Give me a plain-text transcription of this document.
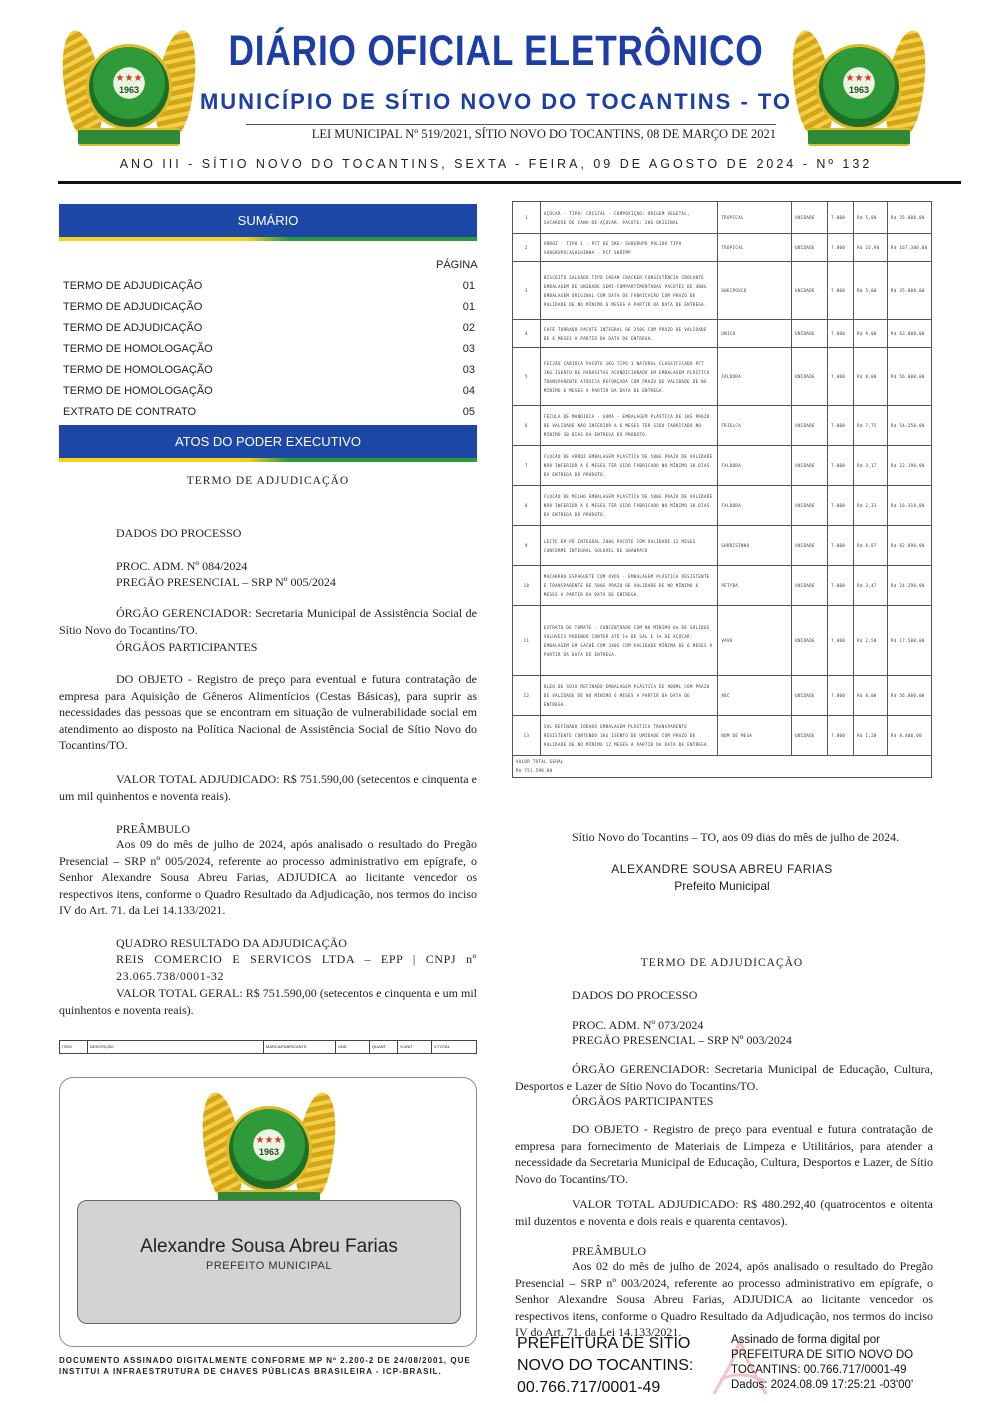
★★★
1963
★★★
1963
DIÁRIO OFICIAL ELETRÔNICO
MUNICÍPIO DE SÍTIO NOVO DO TOCANTINS - TO
LEI MUNICIPAL Nº 519/2021, SÍTIO NOVO DO TOCANTINS, 08 DE MARÇO DE 2021
ANO III - SÍTIO NOVO DO TOCANTINS, SEXTA - FEIRA, 09 DE AGOSTO DE 2024 - Nº 132
SUMÁRIO
PÁGINA
TERMO DE ADJUDICAÇÃO	01
TERMO DE ADJUDICAÇÃO	01
TERMO DE ADJUDICAÇÃO	02
TERMO DE HOMOLOGAÇÃO	03
TERMO DE HOMOLOGAÇÃO	03
TERMO DE HOMOLOGAÇÃO	04
EXTRATO DE CONTRATO	05
ATOS DO PODER EXECUTIVO
TERMO DE ADJUDICAÇÃO
DADOS DO PROCESSO
PROC. ADM. Nº 084/2024
PREGÃO PRESENCIAL – SRP Nº 005/2024
ÓRGÃO GERENCIADOR: Secretaria Municipal de Assistência Social de Sítio Novo do Tocantins/TO.
ÓRGÃOS PARTICIPANTES
DO OBJETO - Registro de preço para eventual e futura contratação de empresa para Aquisição de Gêneros Alimentícios (Cestas Básicas), para suprir as necessidades das pessoas que se encontram em situação de vulnerabilidade social em atendimento ao disposto na Política Nacional de Assistência Social de Sítio Novo do Tocantins/TO.
VALOR TOTAL ADJUDICADO: R$ 751.590,00 (setecentos e cinquenta e um mil quinhentos e noventa reais).
PREÂMBULO
Aos 09 do mês de julho de 2024, após analisado o resultado do Pregão Presencial – SRP nº 005/2024, referente ao processo administrativo em epígrafe, o Senhor Alexandre Sousa Abreu Farias, ADJUDICA ao licitante vencedor os respectivos itens, conforme o Quadro Resultado da Adjudicação, nos termos do inciso IV do Art. 71. da Lei 14.133/2021.
QUADRO RESULTADO DA ADJUDICAÇÃO
REIS COMERCIO E SERVICOS LTDA – EPP | CNPJ nº 23.065.738/0001-32
VALOR TOTAL GERAL: R$ 751.590,00 (setecentos e cinquenta e um mil quinhentos e noventa reais).
ITEM	DESCRIÇÃO	MARCA/FABRICANTE	UND	QUANT.	V.UNIT	V.TOTAL
★★★
1963
Alexandre Sousa Abreu Farias
PREFEITO MUNICIPAL
DOCUMENTO ASSINADO DIGITALMENTE CONFORME MP Nº 2.200-2 DE 24/08/2001, QUE INSTITUI A INFRAESTRUTURA DE CHAVES PÚBLICAS BRASILEIRA - ICP-BRASIL.
1	AÇÚCAR - TIPO: CRISTAL - COMPOSIÇÃO: ORIGEM VEGETAL, SACAROSE DE CANA-DE-AÇÚCAR. PACOTE: 2KG ORIGINAL	TROPICAL	UNIDADE	7.000	R$ 5,00	R$ 35.000,00
2	ARROZ - TIPO 1 - PCT DE 5KG: SUBGRUPO POLIDO TIPO SUBGRUPO/AGULHINHA - PCT SHRIMP	TROPICAL	UNIDADE	7.000	R$ 23,90	R$ 167.300,00
3	BISCOITO SALGADO TIPO CREAM CRACKER CONSISTÊNCIA CROCANTE EMBALAGEM DE UNIDADE SEMI-COMPARTIMENTADAS PACOTES DE 400G EMBALAGEM ORIGINAL COM DATA DE FABRICAÇÃO COM PRAZO DE VALIDADE DE NO MÍNIMO 6 MESES A PARTIR DA DATA DE ENTREGA.	SHEIPOSCO	UNIDADE	7.000	R$ 5,00	R$ 35.000,00
4	CAFÉ TORRADO PACOTE INTEGRAL DE 250G COM PRAZO DE VALIDADE DE 6 MESES A PARTIR DA DATA DE ENTREGA.	UNICO	UNIDADE	7.000	R$ 9,00	R$ 63.000,00
5	FEIJÃO CARIOCA PACOTE 1KG TIPO 1 NATURAL CLASSIFICADO PCT 1KG ISENTO DE PARASITAS ACONDICIONADO EM EMBALAGEM PLÁSTICA TRANSPARENTE ATÓXICA REFORÇADA COM PRAZO DE VALIDADE DE NO MÍNIMO 6 MESES A PARTIR DA DATA DE ENTREGA.	FALDORA	UNIDADE	7.000	R$ 8,00	R$ 56.000,00
6	FÉCULA DE MANDIOCA - GOMA - EMBALAGEM PLÁSTICA DE 1KG PRAZO DE VALIDADE NÃO INFERIOR A 6 MESES TER SIDO FABRICADO NO MÍNIMO 30 DIAS DA ENTREGA DO PRODUTO.	FRIELCA	UNIDADE	7.000	R$ 7,75	R$ 54.250,00
7	FLOCÃO DE ARROZ EMBALAGEM PLÁSTICA DE 500G PRAZO DE VALIDADE NÃO INFERIOR A 6 MESES TER SIDO FABRICADO NO MÍNIMO 30 DIAS DA ENTREGA DO PRODUTO.	FALDORA	UNIDADE	7.000	R$ 3,17	R$ 22.190,00
8	FLOCÃO DE MILHO EMBALAGEM PLÁSTICA DE 500G PRAZO DE VALIDADE NÃO INFERIOR A 6 MESES TER SIDO FABRICADO NO MÍNIMO 30 DIAS DA ENTREGA DO PRODUTO.	FALDORA	UNIDADE	7.000	R$ 2,33	R$ 16.310,00
9	LEITE EM PÓ INTEGRAL 200G PACOTE COM VALIDADE 12 MESES CONFORME INTEGRAL SOLÚVEL DE SHAWPACK	SORRISINHO	UNIDADE	7.000	R$ 8,87	R$ 62.090,00
10	MACARRÃO ESPAGUETE COM OVOS - EMBALAGEM PLÁSTICA RESISTENTE E TRANSPARENTE DE 500G PRAZO DE VALIDADE DE NO MÍNIMO 6 MESES A PARTIR DA DATA DE ENTREGA.	PETYBA	UNIDADE	7.000	R$ 3,47	R$ 24.290,00
11	EXTRATO DE TOMATE - CONCENTRADO COM NO MÍNIMO 6% DE SÓLIDOS SOLÚVEIS PODENDO CONTER ATÉ 1% DE SAL E 1% DE AÇÚCAR. EMBALAGEM EM SACHÊ COM 340G COM VALIDADE MÍNIMA DE 6 MESES A PARTIR DA DATA DE ENTREGA.	VAVÁ	UNIDADE	7.000	R$ 2,50	R$ 17.500,00
12	ÓLEO DE SOJA REFINADO EMBALAGEM PLÁSTICA DE 900ML COM PRAZO DE VALIDADE DE NO MÍNIMO 6 MESES A PARTIR DA DATA DE ENTREGA.	ABC	UNIDADE	7.000	R$ 8,00	R$ 56.000,00
13	SAL REFINADO IODADO EMBALAGEM PLÁSTICA TRANSPARENTE RESISTENTE CONTENDO 1KG ISENTO DE UMIDADE COM PRAZO DE VALIDADE DE NO MÍNIMO 12 MESES A PARTIR DA DATA DE ENTREGA.	BOM DE MESA	UNIDADE	7.000	R$ 1,20	R$ 8.400,00

VALOR TOTAL GERAL
R$ 751.590,00						
Sítio Novo do Tocantins – TO, aos 09 dias do mês de julho de 2024.
ALEXANDRE SOUSA ABREU FARIAS
Prefeito Municipal
TERMO DE ADJUDICAÇÃO
DADOS DO PROCESSO
PROC. ADM. Nº 073/2024
PREGÃO PRESENCIAL – SRP Nº 003/2024
ÓRGÃO GERENCIADOR: Secretaria Municipal de Educação, Cultura, Desportos e Lazer de Sítio Novo do Tocantins/TO.
ÓRGÃOS PARTICIPANTES
DO OBJETO - Registro de preço para eventual e futura contratação de empresa para fornecimento de Materiais de Limpeza e Utilitários, para atender a necessidade da Secretaria Municipal de Educação, Cultura, Desportos e Lazer, de Sítio Novo do Tocantins/TO.
VALOR TOTAL ADJUDICADO: R$ 480.292,40 (quatrocentos e oitenta mil duzentos e noventa e dois reais e quarenta centavos).
PREÂMBULO
Aos 02 do mês de julho de 2024, após analisado o resultado do Pregão Presencial – SRP nº 003/2024, referente ao processo administrativo em epígrafe, o Senhor Alexandre Sousa Abreu Farias, ADJUDICA ao licitante vencedor os respectivos itens, conforme o Quadro Resultado da Adjudicação, nos termos do inciso IV do Art. 71. da Lei 14.133/2021.
PREFEITURA DE SITIO
NOVO DO TOCANTINS:
00.766.717/0001-49
Assinado de forma digital por
PREFEITURA DE SITIO NOVO DO
TOCANTINS: 00.766.717/0001-49
Dados: 2024.08.09 17:25:21 -03'00'
